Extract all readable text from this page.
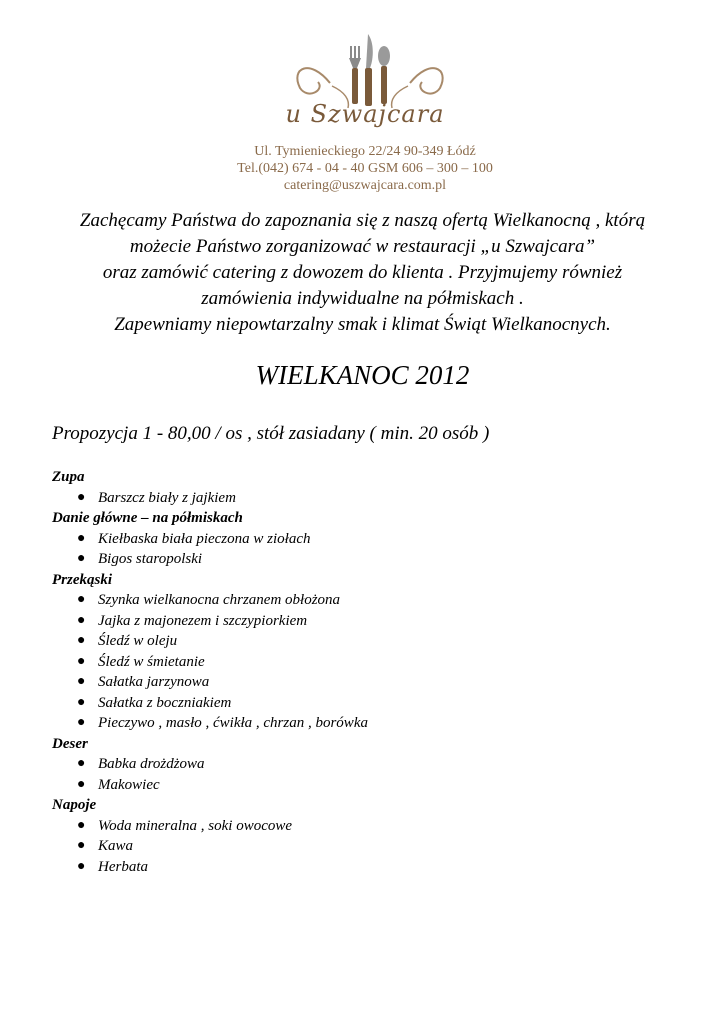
u Szwajcara
Ul. Tymienieckiego 22/24 90-349 Łódź
Tel.(042) 674 - 04 - 40 GSM 606 – 300 – 100
catering@uszwajcara.com.pl
Zachęcamy Państwa do zapoznania się z naszą ofertą Wielkanocną , którą
możecie Państwo zorganizować w restauracji „u Szwajcara”
oraz zamówić catering z dowozem do klienta . Przyjmujemy również
zamówienia indywidualne na półmiskach .
Zapewniamy niepowtarzalny smak i klimat Świąt Wielkanocnych.
WIELKANOC 2012
Propozycja 1 - 80,00 / os , stół zasiadany ( min. 20 osób )
Zupa
● Barszcz biały z jajkiem
Danie główne – na półmiskach
● Kiełbaska biała pieczona w ziołach
● Bigos staropolski
Przekąski
● Szynka wielkanocna chrzanem obłożona
● Jajka z majonezem i szczypiorkiem
● Śledź w oleju
● Śledź w śmietanie
● Sałatka jarzynowa
● Sałatka z boczniakiem
● Pieczywo , masło , ćwikła , chrzan , borówka
Deser
● Babka drożdżowa
● Makowiec
Napoje
● Woda mineralna , soki owocowe
● Kawa
● Herbata
